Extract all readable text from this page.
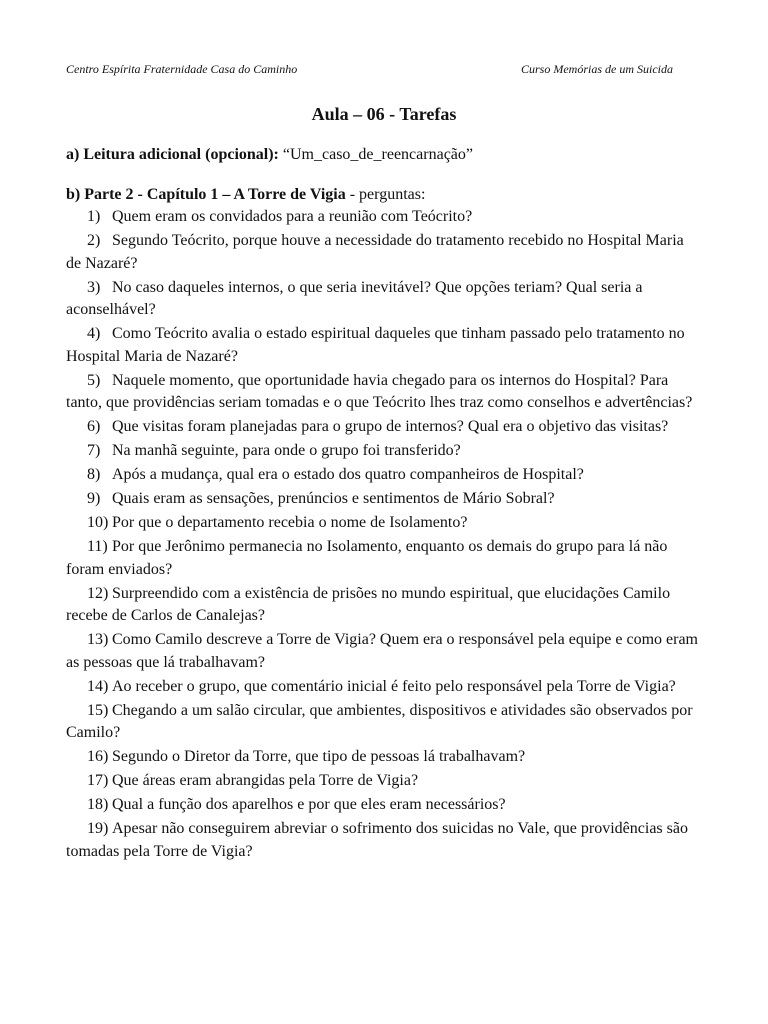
Centro Espírita Fraternidade Casa do Caminho	Curso Memórias de um Suicida
Aula – 06 - Tarefas

a) Leitura adicional (opcional): “Um_caso_de_reencarnação”

b) Parte 2 - Capítulo 1 – A Torre de Vigia - perguntas:

1) Quem eram os convidados para a reunião com Teócrito?
2) Segundo Teócrito, porque houve a necessidade do tratamento recebido no Hospital Maria de Nazaré?
3) No caso daqueles internos, o que seria inevitável? Que opções teriam? Qual seria a aconselhável?
4) Como Teócrito avalia o estado espiritual daqueles que tinham passado pelo tratamento no Hospital Maria de Nazaré?
5) Naquele momento, que oportunidade havia chegado para os internos do Hospital? Para tanto, que providências seriam tomadas e o que Teócrito lhes traz como conselhos e advertências?
6) Que visitas foram planejadas para o grupo de internos? Qual era o objetivo das visitas?
7) Na manhã seguinte, para onde o grupo foi transferido?
8) Após a mudança, qual era o estado dos quatro companheiros de Hospital?
9) Quais eram as sensações, prenúncios e sentimentos de Mário Sobral?
10) Por que o departamento recebia o nome de Isolamento?
11) Por que Jerônimo permanecia no Isolamento, enquanto os demais do grupo para lá não foram enviados?
12) Surpreendido com a existência de prisões no mundo espiritual, que elucidações Camilo recebe de Carlos de Canalejas?
13) Como Camilo descreve a Torre de Vigia? Quem era o responsável pela equipe e como eram as pessoas que lá trabalhavam?
14) Ao receber o grupo, que comentário inicial é feito pelo responsável pela Torre de Vigia?
15) Chegando a um salão circular, que ambientes, dispositivos e atividades são observados por Camilo?
16) Segundo o Diretor da Torre, que tipo de pessoas lá trabalhavam?
17) Que áreas eram abrangidas pela Torre de Vigia?
18) Qual a função dos aparelhos e por que eles eram necessários?
19) Apesar não conseguirem abreviar o sofrimento dos suicidas no Vale, que providências são tomadas pela Torre de Vigia?
